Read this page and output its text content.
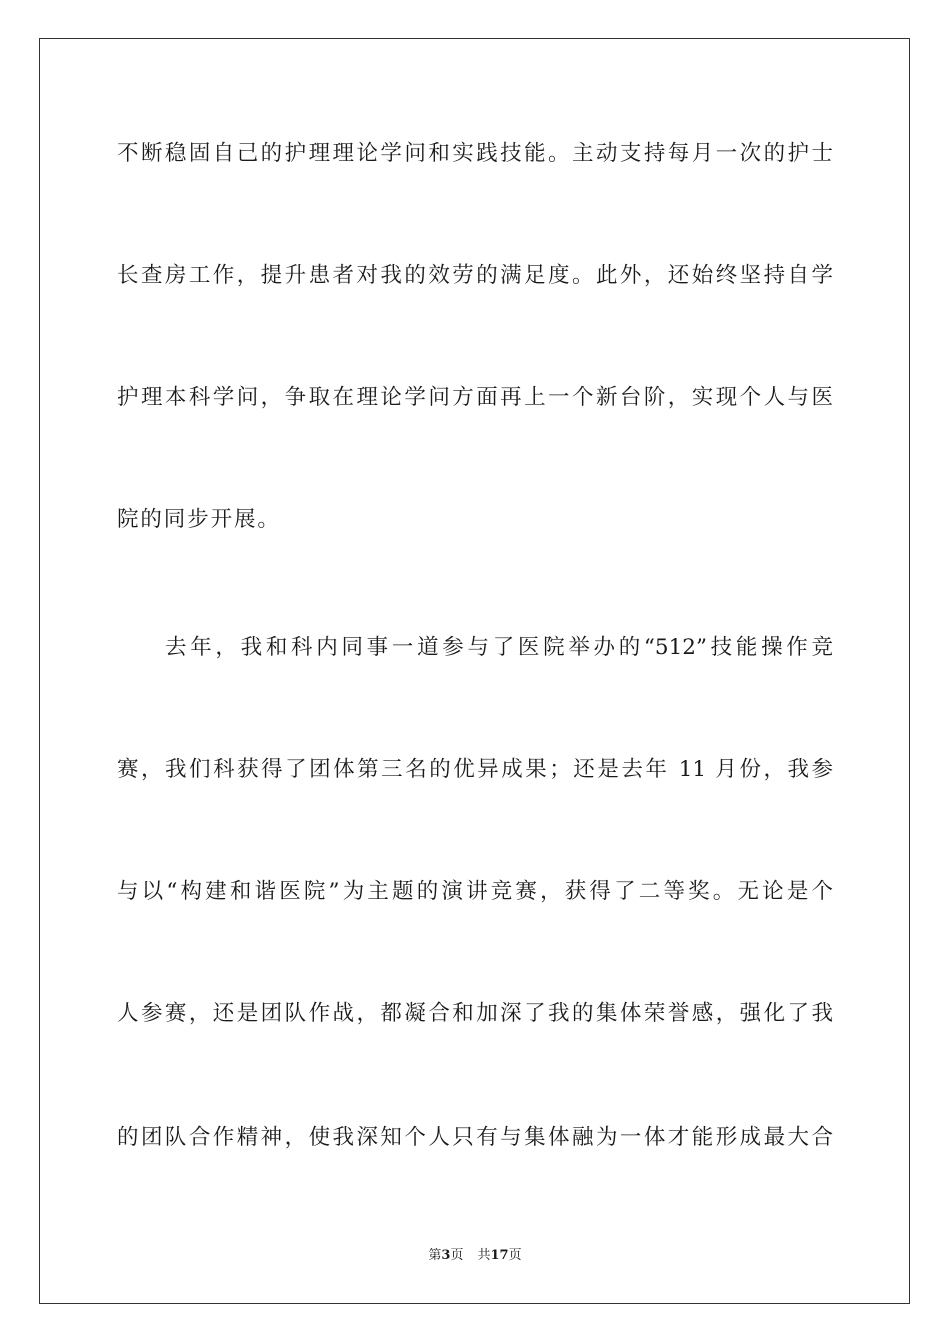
不断稳固自己的护理理论学问和实践技能。主动支持每月一次的护士
长查房工作，提升患者对我的效劳的满足度。此外，还始终坚持自学
护理本科学问，争取在理论学问方面再上一个新台阶，实现个人与医
院的同步开展。
去年，我和科内同事一道参与了医院举办的“512”技能操作竞
赛，我们科获得了团体第三名的优异成果；还是去年 11 月份，我参
与以“构建和谐医院”为主题的演讲竞赛，获得了二等奖。无论是个
人参赛，还是团队作战，都凝合和加深了我的集体荣誉感，强化了我
的团队合作精神，使我深知个人只有与集体融为一体才能形成最大合
第3页 共17页
